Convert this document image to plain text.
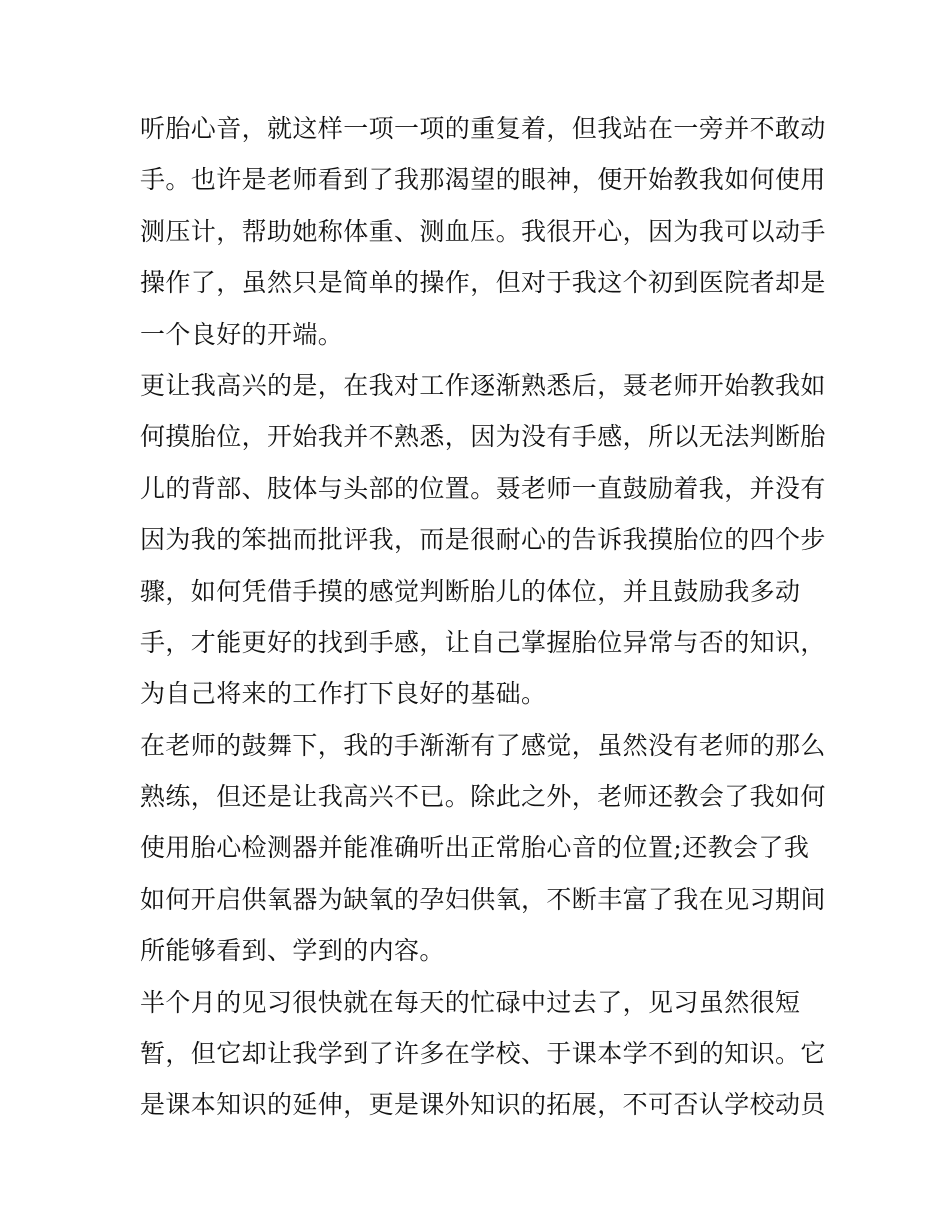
听胎心音，就这样一项一项的重复着，但我站在一旁并不敢动
手。也许是老师看到了我那渴望的眼神，便开始教我如何使用
测压计，帮助她称体重、测血压。我很开心，因为我可以动手
操作了，虽然只是简单的操作，但对于我这个初到医院者却是
一个良好的开端。
更让我高兴的是，在我对工作逐渐熟悉后，聂老师开始教我如
何摸胎位，开始我并不熟悉，因为没有手感，所以无法判断胎
儿的背部、肢体与头部的位置。聂老师一直鼓励着我，并没有
因为我的笨拙而批评我，而是很耐心的告诉我摸胎位的四个步
骤，如何凭借手摸的感觉判断胎儿的体位，并且鼓励我多动
手，才能更好的找到手感，让自己掌握胎位异常与否的知识，
为自己将来的工作打下良好的基础。
在老师的鼓舞下，我的手渐渐有了感觉，虽然没有老师的那么
熟练，但还是让我高兴不已。除此之外，老师还教会了我如何
使用胎心检测器并能准确听出正常胎心音的位置;还教会了我
如何开启供氧器为缺氧的孕妇供氧，不断丰富了我在见习期间
所能够看到、学到的内容。
半个月的见习很快就在每天的忙碌中过去了，见习虽然很短
暂，但它却让我学到了许多在学校、于课本学不到的知识。它
是课本知识的延伸，更是课外知识的拓展，不可否认学校动员
